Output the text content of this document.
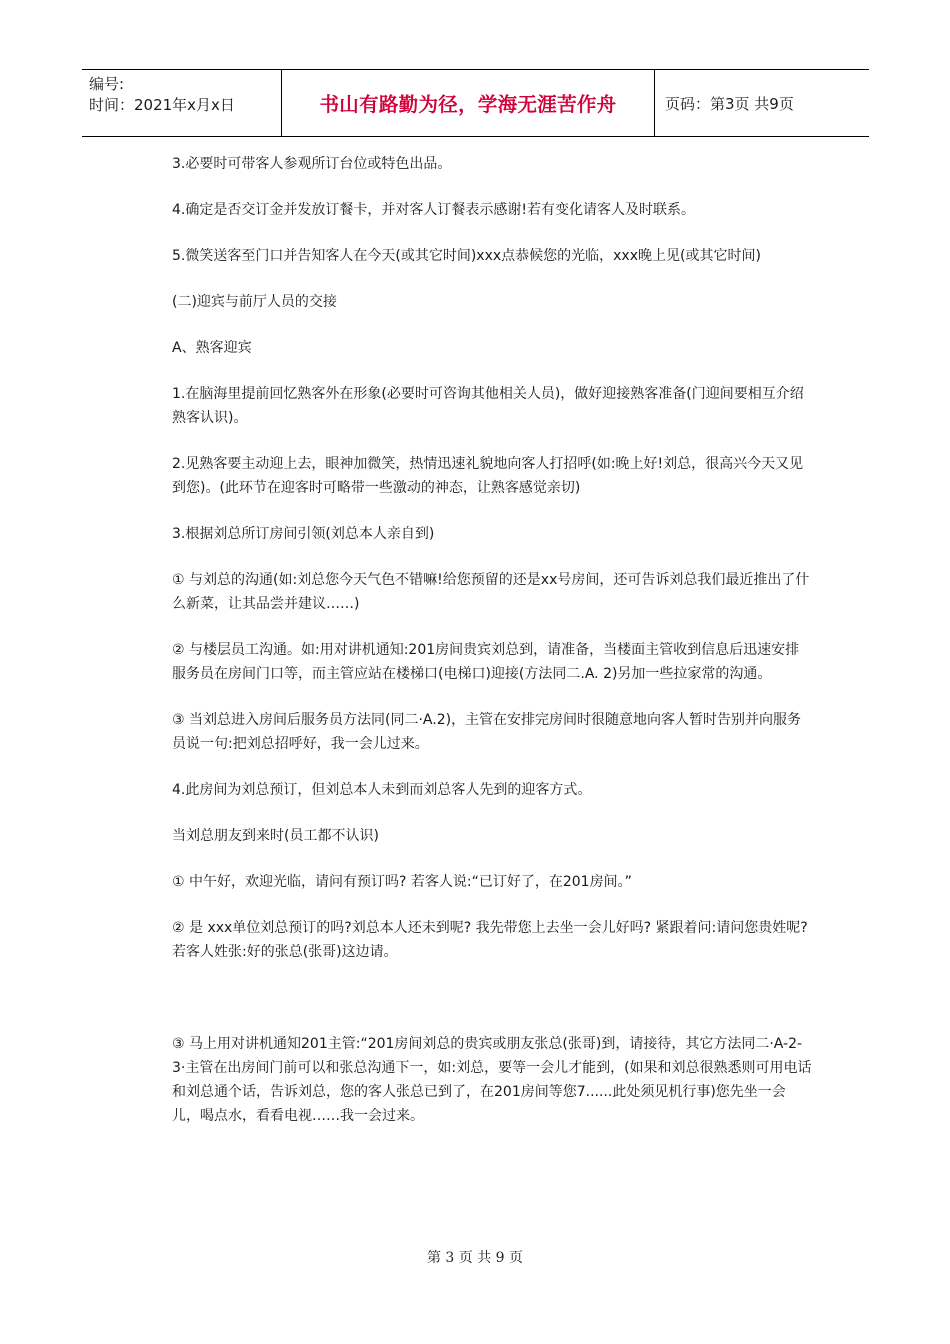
编号:
时间：2021年x月x日	书山有路勤为径，学海无涯苦作舟	页码：第3页 共9页

3.必要时可带客人参观所订台位或特色出品。

4.确定是否交订金并发放订餐卡，并对客人订餐表示感谢!若有变化请客人及时联系。

5.微笑送客至门口并告知客人在今天(或其它时间)xxx点恭候您的光临，xxx晚上见(或其它时间)

(二)迎宾与前厅人员的交接

A、熟客迎宾

1.在脑海里提前回忆熟客外在形象(必要时可咨询其他相关人员)，做好迎接熟客准备(门迎间要相互介绍熟客认识)。

2.见熟客要主动迎上去，眼神加微笑，热情迅速礼貌地向客人打招呼(如:晚上好!刘总，很高兴今天又见到您)。(此环节在迎客时可略带一些激动的神态，让熟客感觉亲切)

3.根据刘总所订房间引领(刘总本人亲自到)

① 与刘总的沟通(如:刘总您今天气色不错嘛!给您预留的还是xx号房间，还可告诉刘总我们最近推出了什么新菜，让其品尝并建议……)

② 与楼层员工沟通。如:用对讲机通知:201房间贵宾刘总到，请准备，当楼面主管收到信息后迅速安排服务员在房间门口等，而主管应站在楼梯口(电梯口)迎接(方法同二.A. 2)另加一些拉家常的沟通。

③ 当刘总进入房间后服务员方法同(同二·A.2)，主管在安排完房间时很随意地向客人暂时告别并向服务员说一句:把刘总招呼好，我一会儿过来。

4.此房间为刘总预订，但刘总本人未到而刘总客人先到的迎客方式。

当刘总朋友到来时(员工都不认识)

① 中午好，欢迎光临，请问有预订吗? 若客人说:“已订好了，在201房间。”

② 是 xxx单位刘总预订的吗?刘总本人还未到呢? 我先带您上去坐一会儿好吗? 紧跟着问:请问您贵姓呢? 若客人姓张:好的张总(张哥)这边请。

③ 马上用对讲机通知201主管:“201房间刘总的贵宾或朋友张总(张哥)到，请接待，其它方法同二·A-2-3·主管在出房间门前可以和张总沟通下一，如:刘总，要等一会儿才能到，(如果和刘总很熟悉则可用电话和刘总通个话，告诉刘总，您的客人张总已到了，在201房间等您7......此处须见机行事)您先坐一会儿，喝点水，看看电视……我一会过来。

第 3 页 共 9 页
